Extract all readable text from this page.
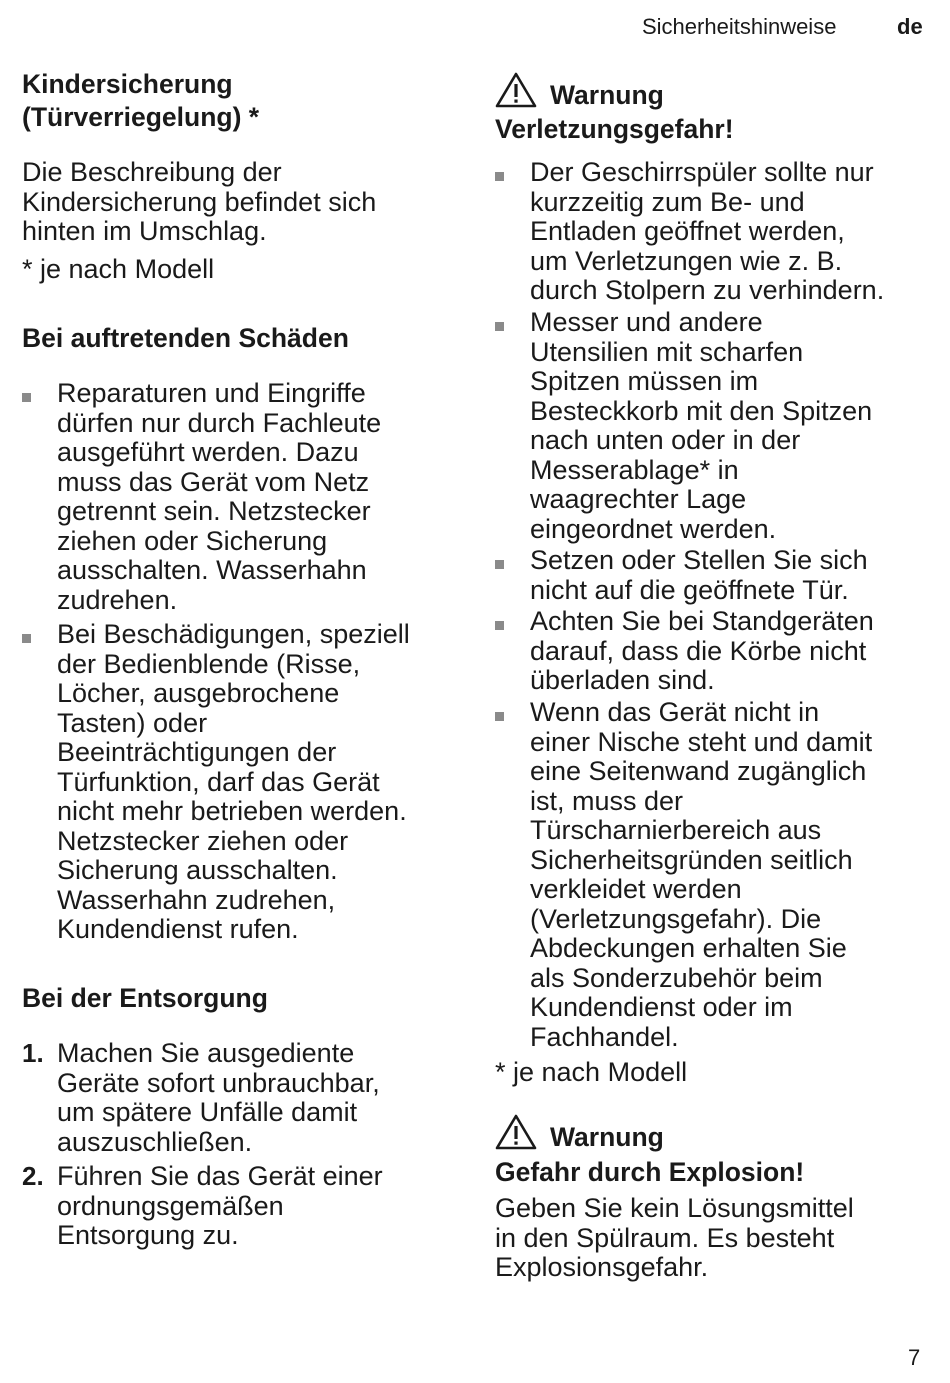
Sicherheitshinweise	de
Kindersicherung
(Türverriegelung) *
Die Beschreibung der
Kindersicherung befindet sich
hinten im Umschlag.
* je nach Modell
Bei auftretenden Schäden
Reparaturen und Eingriffe
dürfen nur durch Fachleute
ausgeführt werden. Dazu
muss das Gerät vom Netz
getrennt sein. Netzstecker
ziehen oder Sicherung
ausschalten. Wasserhahn
zudrehen.
Bei Beschädigungen, speziell
der Bedienblende (Risse,
Löcher, ausgebrochene
Tasten) oder
Beeinträchtigungen der
Türfunktion, darf das Gerät
nicht mehr betrieben werden.
Netzstecker ziehen oder
Sicherung ausschalten.
Wasserhahn zudrehen,
Kundendienst rufen.
Bei der Entsorgung
1. Machen Sie ausgediente
Geräte sofort unbrauchbar,
um spätere Unfälle damit
auszuschließen.
2. Führen Sie das Gerät einer
ordnungsgemäßen
Entsorgung zu.
Warnung
Verletzungsgefahr!
Der Geschirrspüler sollte nur
kurzzeitig zum Be- und
Entladen geöffnet werden,
um Verletzungen wie z. B.
durch Stolpern zu verhindern.
Messer und andere
Utensilien mit scharfen
Spitzen müssen im
Besteckkorb mit den Spitzen
nach unten oder in der
Messerablage* in
waagrechter Lage
eingeordnet werden.
Setzen oder Stellen Sie sich
nicht auf die geöffnete Tür.
Achten Sie bei Standgeräten
darauf, dass die Körbe nicht
überladen sind.
Wenn das Gerät nicht in
einer Nische steht und damit
eine Seitenwand zugänglich
ist, muss der
Türscharnierbereich aus
Sicherheitsgründen seitlich
verkleidet werden
(Verletzungsgefahr). Die
Abdeckungen erhalten Sie
als Sonderzubehör beim
Kundendienst oder im
Fachhandel.
* je nach Modell
Warnung
Gefahr durch Explosion!
Geben Sie kein Lösungsmittel
in den Spülraum. Es besteht
Explosionsgefahr.
7
